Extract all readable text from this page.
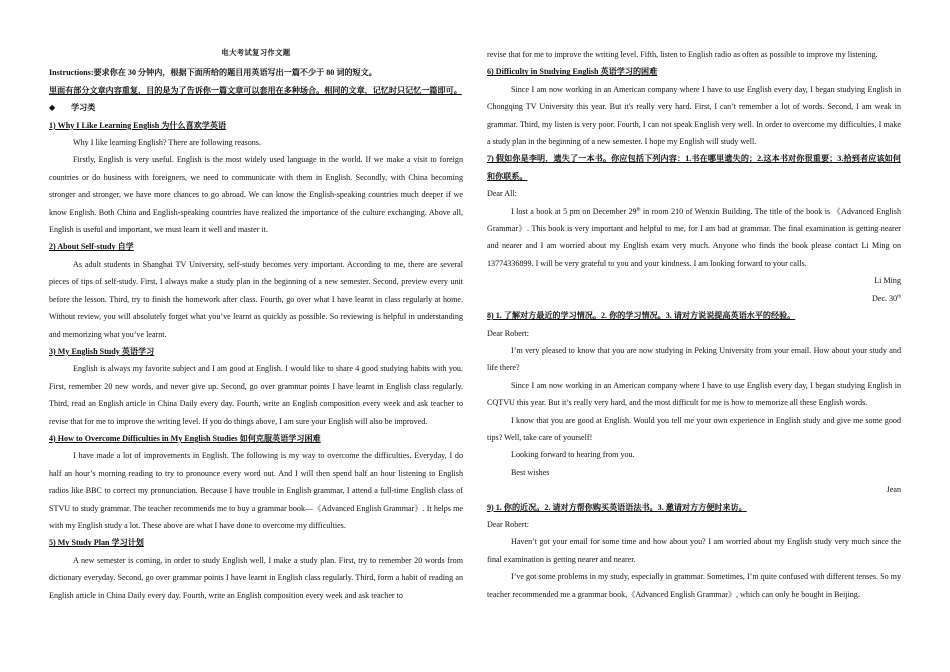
电大考试复习作文题

Instructions:要求你在 30 分钟内，根据下面所给的题目用英语写出一篇不少于 80 词的短文。

里面有部分文章内容重复，目的是为了告诉你一篇文章可以套用在多种场合。相同的文章，记忆时只记忆一篇即可。

◆ 学习类

1) Why I Like Learning English 为什么喜欢学英语

Why I like learning English? There are following reasons.

Firstly, English is very useful. English is the most widely used language in the world. If we make a visit to foreign countries or do business with foreigners, we need to communicate with them in English. Secondly, with China becoming stronger and stronger, we have more chances to go abroad. We can know the English-speaking countries much deeper if we know English. Both China and English-speaking countries have realized the importance of the culture exchanging. Above all, English is useful and important, we must learn it well and master it.

2) About Self-study 自学

As adult students in Shanghai TV University, self-study becomes very important. According to me, there are several pieces of tips of self-study. First, I always make a study plan in the beginning of a new semester. Second, preview every unit before the lesson. Third, try to finish the homework after class. Fourth, go over what I have learnt in class regularly at home. Without review, you will absolutely forget what you’ve learnt as quickly as possible. So reviewing is helpful in understanding and memorizing what you’ve learnt.

3) My English Study 英语学习

English is always my favorite subject and I am good at English. I would like to share 4 good studying habits with you. First, remember 20 new words, and never give up. Second, go over grammar points I have learnt in English class regularly. Third, read an English article in China Daily every day. Fourth, write an English composition every week and ask teacher to revise that for me to improve the writing level. If you do things above, I am sure your English will also be improved.

4) How to Overcome Difficulties in My English Studies 如何克服英语学习困难

I have made a lot of improvements in English. The following is my way to overcome the difficulties. Everyday, I do half an hour’s morning reading to try to pronounce every word out. And I will then spend half an hour listening to English radios like BBC to correct my pronunciation. Because I have trouble in English grammar, I attend a full-time English class of STVU to study grammar. The teacher recommends me to buy a grammar book—《Advanced English Grammar》. It helps me with my English study a lot. These above are what I have done to overcome my difficulties.

5) My Study Plan 学习计划

A new semester is coming, in order to study English well, I make a study plan. First, try to remember 20 words from dictionary everyday. Second, go over grammar points I have learnt in English class regularly. Third, form a habit of reading an English article in China Daily every day. Fourth, write an English composition every week and ask teacher to

revise that for me to improve the writing level. Fifth, listen to English radio as often as possible to improve my listening.

6) Difficulty in Studying English 英语学习的困难

Since I am now working in an American company where I have to use English every day, I began studying English in Chongqing TV University this year. But it's really very hard. First, I can’t remember a lot of words. Second, I am weak in grammar. Third, my listen is very poor. Fourth, I can not speak English very well. In order to overcome my difficulties, I make a study plan in the beginning of a new semester. I hope my English will study well.

7) 假如你是李明，遗失了一本书。你应包括下列内容：1.书在哪里遗失的；2.这本书对你很重要；3.拾到者应该如何和你联系。

Dear All:

I lost a book at 5 pm on December 29th in room 210 of Wenxin Building. The title of the book is 《Advanced English Grammar》. This book is very important and helpful to me, for I am bad at grammar. The final examination is getting nearer and nearer and I am worried about my English exam very much. Anyone who finds the book please contact Li Ming on 13774336899. I will be very grateful to you and your kindness. I am looking forward to your calls.

Li Ming

Dec. 30th

8) 1. 了解对方最近的学习情况。2. 你的学习情况。3. 请对方说说提高英语水平的经验。

Dear Robert:

I’m very pleased to know that you are now studying in Peking University from your email. How about your study and life there?

Since I am now working in an American company where I have to use English every day, I began studying English in CQTVU this year. But it’s really very hard, and the most difficult for me is how to memorize all these English words.

I know that you are good at English. Would you tell me your own experience in English study and give me some good tips? Well, take care of yourself!

Looking forward to hearing from you.

Best wishes

Jean

9) 1. 你的近况。2. 请对方帮你购买英语语法书。3. 邀请对方方便时来访。

Dear Robert:

Haven’t got your email for some time and how about you? I am worried about my English study very much since the final examination is getting nearer and nearer.

I’ve got some problems in my study, especially in grammar. Sometimes, I’m quite confused with different tenses. So my teacher recommended me a grammar book,《Advanced English Grammar》, which can only be bought in Beijing.
